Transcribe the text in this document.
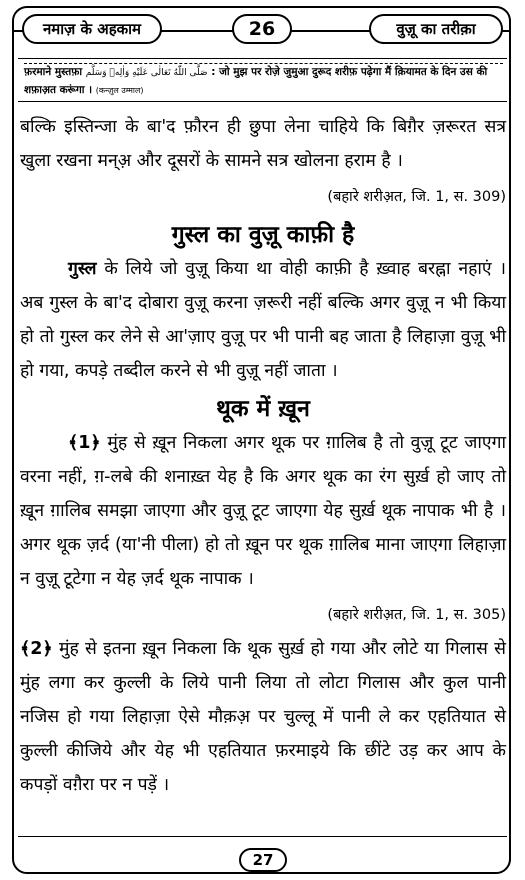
नमाज़ के अहकाम	26	वुज़ू का तरीक़ा
फ़रमाने मुस्तफ़ा صَلَّى اللّٰهُ تَعَالٰى عَلَيْهِ وَاٰلِهٖ وَسَلَّم : जो मुझ पर रोज़े जुमुआ दुरूद शरीफ़ पढ़ेगा मैं क़ियामत के दिन उस की
शफ़ाअ़त करूंगा । (कन्ज़ुल उम्माल)

बल्कि इस्तिन्जा के बा'द फ़ौरन ही छुपा लेना चाहिये कि बिग़ैर ज़रूरत सत्र खुला रखना मन्अ़ और दूसरों के सामने सत्र खोलना हराम है ।

(बहारे शरीअ़त, जि. 1, स. 309)

गुस्ल का वुज़ू काफ़ी है

गुस्ल के लिये जो वुज़ू किया था वोही काफ़ी है ख़्वाह बरह्ना नहाएं । अब गुस्ल के बा'द दोबारा वुज़ू करना ज़रूरी नहीं बल्कि अगर वुज़ू न भी किया हो तो गुस्ल कर लेने से आ'ज़ाए वुज़ू पर भी पानी बह जाता है लिहाज़ा वुज़ू भी हो गया, कपड़े तब्दील करने से भी वुज़ू नहीं जाता ।

थूक में ख़ून

﴾1﴿ मुंह से ख़ून निकला अगर थूक पर ग़ालिब है तो वुज़ू टूट जाएगा वरना नहीं, ग़-लबे की शनाख़्त येह है कि अगर थूक का रंग सुर्ख़ हो जाए तो ख़ून ग़ालिब समझा जाएगा और वुज़ू टूट जाएगा येह सुर्ख़ थूक नापाक भी है । अगर थूक ज़र्द (या'नी पीला) हो तो ख़ून पर थूक ग़ालिब माना जाएगा लिहाज़ा न वुज़ू टूटेगा न येह ज़र्द थूक नापाक ।

(बहारे शरीअ़त, जि. 1, स. 305)

﴾2﴿ मुंह से इतना ख़ून निकला कि थूक सुर्ख़ हो गया और लोटे या गिलास से मुंह लगा कर कुल्ली के लिये पानी लिया तो लोटा गिलास और कुल पानी नजिस हो गया लिहाज़ा ऐसे मौक़अ़ पर चुल्लू में पानी ले कर एहतियात से कुल्ली कीजिये और येह भी एहतियात फ़रमाइये कि छींटे उड़ कर आप के कपड़ों वग़ैरा पर न पड़ें ।

27
